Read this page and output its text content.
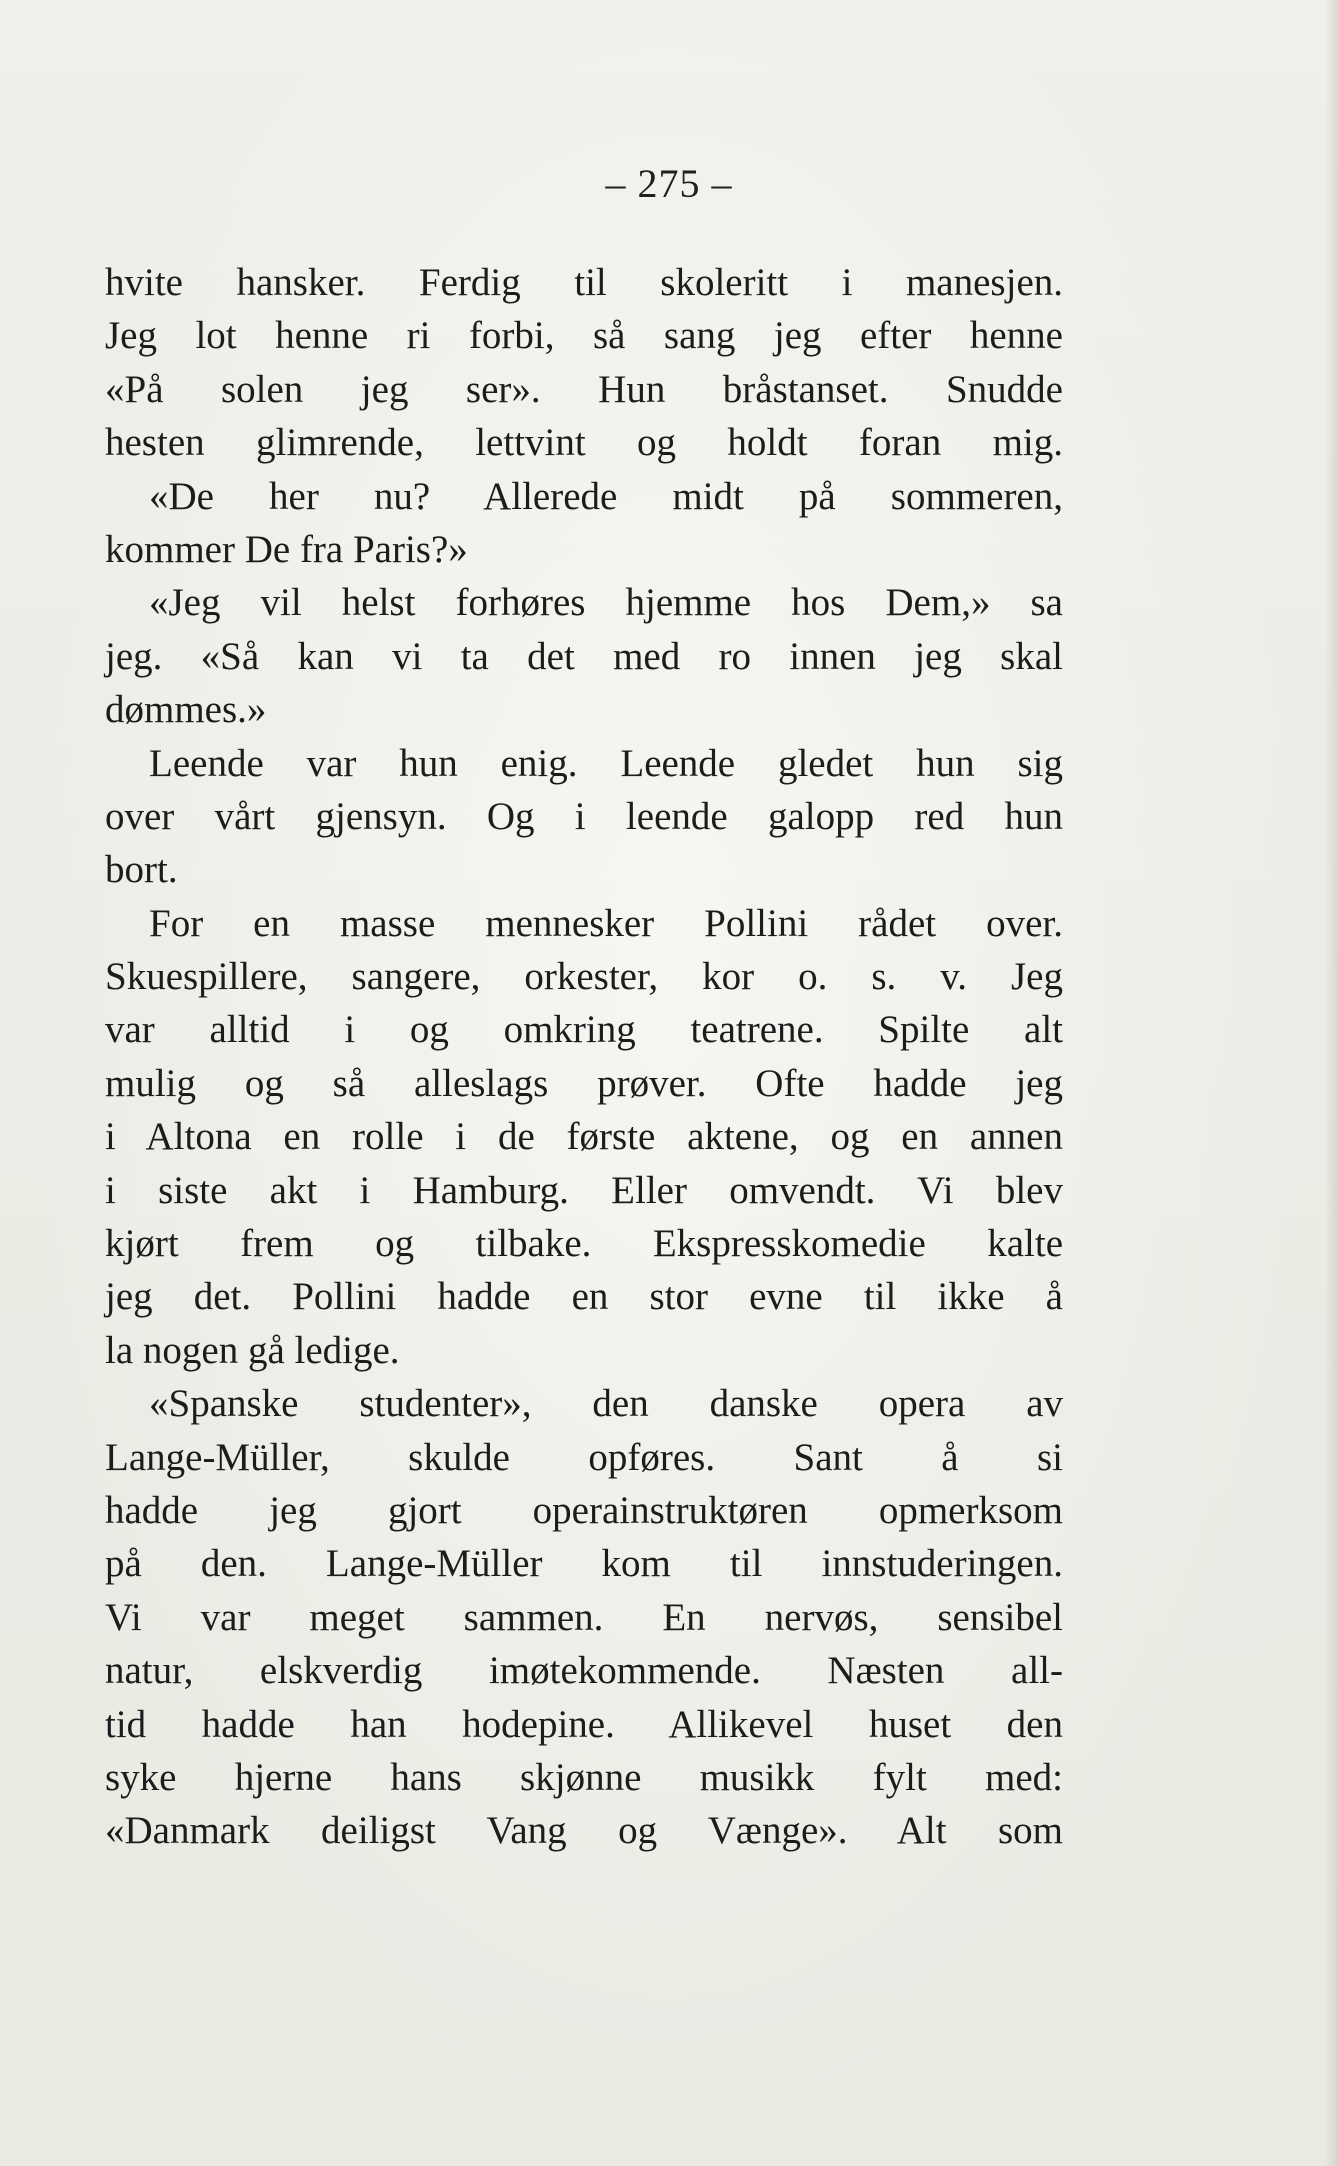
– 275 –
hvite hansker. Ferdig til skoleritt i manesjen.
Jeg lot henne ri forbi, så sang jeg efter henne
«På solen jeg ser». Hun bråstanset. Snudde
hesten glimrende, lettvint og holdt foran mig.
«De her nu? Allerede midt på sommeren,
kommer De fra Paris?»
«Jeg vil helst forhøres hjemme hos Dem,» sa
jeg. «Så kan vi ta det med ro innen jeg skal
dømmes.»
Leende var hun enig. Leende gledet hun sig
over vårt gjensyn. Og i leende galopp red hun
bort.
For en masse mennesker Pollini rådet over.
Skuespillere, sangere, orkester, kor o. s. v. Jeg
var alltid i og omkring teatrene. Spilte alt
mulig og så alleslags prøver. Ofte hadde jeg
i Altona en rolle i de første aktene, og en annen
i siste akt i Hamburg. Eller omvendt. Vi blev
kjørt frem og tilbake. Ekspresskomedie kalte
jeg det. Pollini hadde en stor evne til ikke å
la nogen gå ledige.
«Spanske studenter», den danske opera av
Lange-Müller, skulde opføres. Sant å si
hadde jeg gjort operainstruktøren opmerksom
på den. Lange-Müller kom til innstuderingen.
Vi var meget sammen. En nervøs, sensibel
natur, elskverdig imøtekommende. Næsten all-
tid hadde han hodepine. Allikevel huset den
syke hjerne hans skjønne musikk fylt med:
«Danmark deiligst Vang og Vænge». Alt som
